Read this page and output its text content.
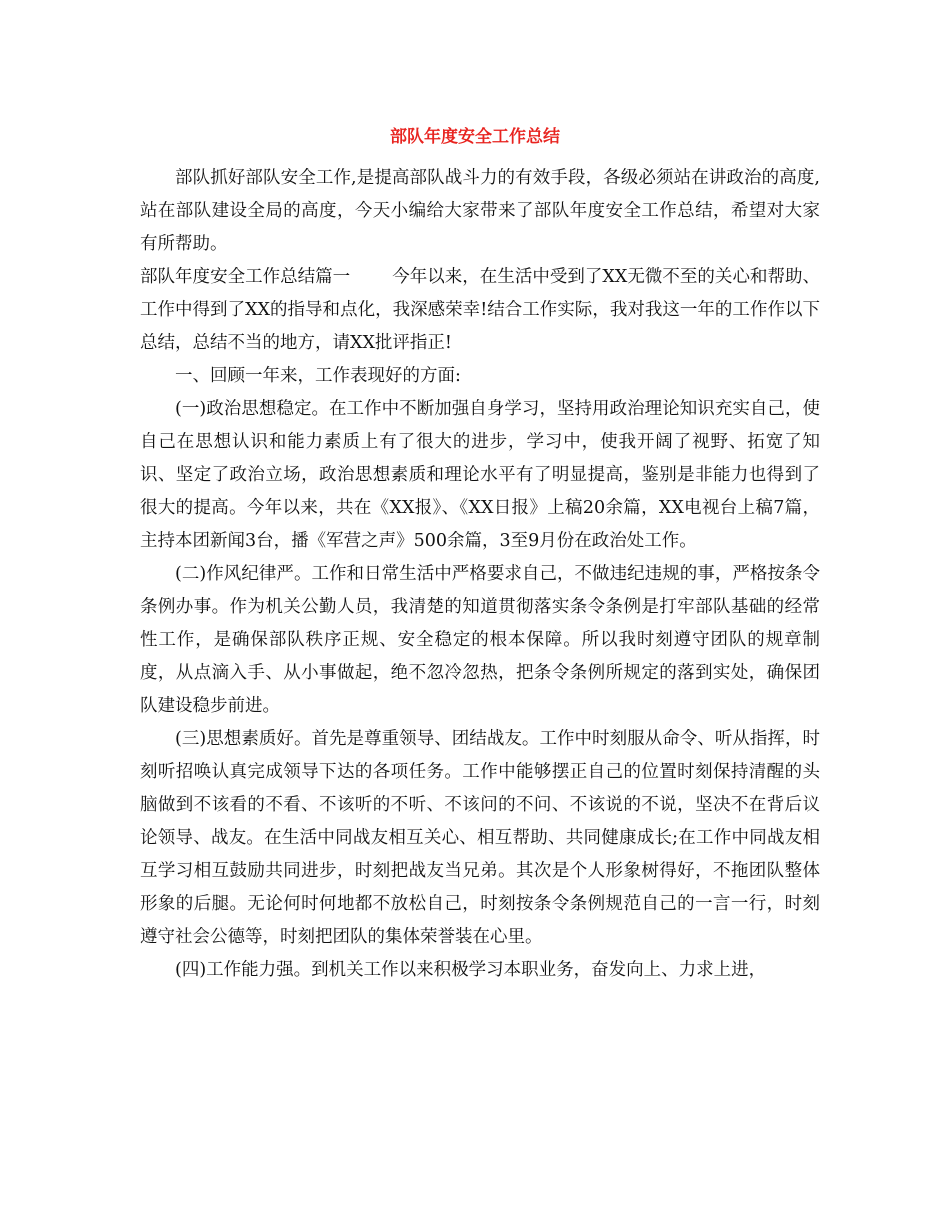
部队年度安全工作总结

部队抓好部队安全工作,是提高部队战斗力的有效手段，各级必须站在讲政治的高度,站在部队建设全局的高度，今天小编给大家带来了部队年度安全工作总结，希望对大家有所帮助。

部队年度安全工作总结篇一 今年以来，在生活中受到了XX无微不至的关心和帮助、工作中得到了XX的指导和点化，我深感荣幸!结合工作实际，我对我这一年的工作作以下总结，总结不当的地方，请XX批评指正!

一、回顾一年来，工作表现好的方面:

(一)政治思想稳定。在工作中不断加强自身学习，坚持用政治理论知识充实自己，使自己在思想认识和能力素质上有了很大的进步，学习中，使我开阔了视野、拓宽了知识、坚定了政治立场，政治思想素质和理论水平有了明显提高，鉴别是非能力也得到了很大的提高。今年以来，共在《XX报》、《XX日报》上稿20余篇，XX电视台上稿7篇，主持本团新闻3台，播《军营之声》500余篇，3至9月份在政治处工作。

(二)作风纪律严。工作和日常生活中严格要求自己，不做违纪违规的事，严格按条令条例办事。作为机关公勤人员，我清楚的知道贯彻落实条令条例是打牢部队基础的经常性工作，是确保部队秩序正规、安全稳定的根本保障。所以我时刻遵守团队的规章制度，从点滴入手、从小事做起，绝不忽冷忽热，把条令条例所规定的落到实处，确保团队建设稳步前进。

(三)思想素质好。首先是尊重领导、团结战友。工作中时刻服从命令、听从指挥，时刻听招唤认真完成领导下达的各项任务。工作中能够摆正自己的位置时刻保持清醒的头脑做到不该看的不看、不该听的不听、不该问的不问、不该说的不说，坚决不在背后议论领导、战友。在生活中同战友相互关心、相互帮助、共同健康成长;在工作中同战友相互学习相互鼓励共同进步，时刻把战友当兄弟。其次是个人形象树得好，不拖团队整体形象的后腿。无论何时何地都不放松自己，时刻按条令条例规范自己的一言一行，时刻遵守社会公德等，时刻把团队的集体荣誉装在心里。

(四)工作能力强。到机关工作以来积极学习本职业务，奋发向上、力求上进，
